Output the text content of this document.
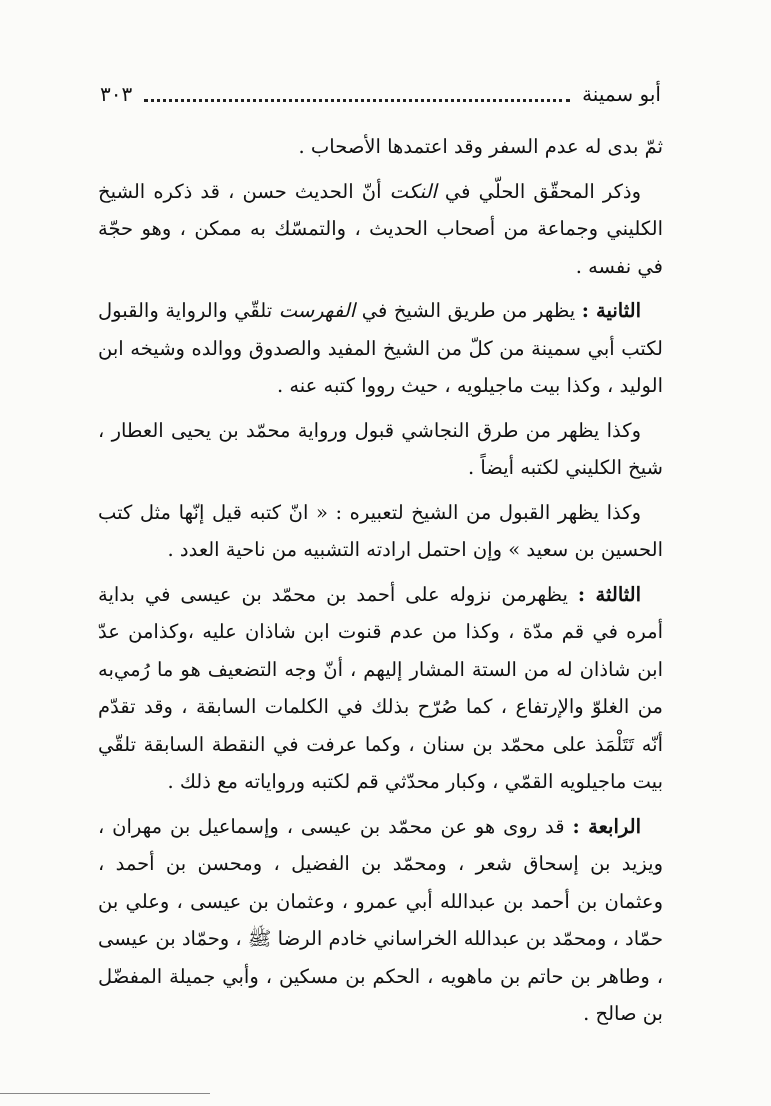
أبو سمينة
٣٠٣

ثمّ بدى له عدم السفر وقد اعتمدها الأصحاب .

وذكر المحقّق الحلّي في النكت أنّ الحديث حسن ، قد ذكره الشيخ الكليني وجماعة من أصحاب الحديث ، والتمسّك به ممكن ، وهو حجّة في نفسه .

الثانية : يظهر من طريق الشيخ في الفهرست تلقّي والرواية والقبول لكتب أبي سمينة من كلّ من الشيخ المفيد والصدوق ووالده وشيخه ابن الوليد ، وكذا بيت ماجيلويه ، حيث رووا كتبه عنه .

وكذا يظهر من طرق النجاشي قبول ورواية محمّد بن يحيى العطار ، شيخ الكليني لكتبه أيضاً .

وكذا يظهر القبول من الشيخ لتعبيره : « انّ كتبه قيل إنّها مثل كتب الحسين بن سعيد » وإن احتمل ارادته التشبيه من ناحية العدد .

الثالثة : يظهرمن نزوله على أحمد بن محمّد بن عيسى في بداية أمره في قم مدّة ، وكذا من عدم قنوت ابن شاذان عليه ،وكذامن عدّ ابن شاذان له من الستة المشار إليهم ، أنّ وجه التضعيف هو ما رُمي‌به من الغلوّ والإرتفاع ، كما صُرّح بذلك في الكلمات السابقة ، وقد تقدّم أنّه تَتَلْمَذ على محمّد بن سنان ، وكما عرفت في النقطة السابقة تلقّي بيت ماجيلويه القمّي ، وكبار محدّثي قم لكتبه ورواياته مع ذلك .

الرابعة : قد روى هو عن محمّد بن عيسى ، وإسماعيل بن مهران ، ويزيد بن إسحاق شعر ، ومحمّد بن الفضيل ، ومحسن بن أحمد ، وعثمان بن أحمد بن عبدالله أبي عمرو ، وعثمان بن عيسى ، وعلي بن حمّاد ، ومحمّد بن عبدالله الخراساني خادم الرضا ﷺ ، وحمّاد بن عيسى ، وطاهر بن حاتم بن ماهويه ، الحكم بن مسكين ، وأبي جميلة المفضّل بن صالح .
